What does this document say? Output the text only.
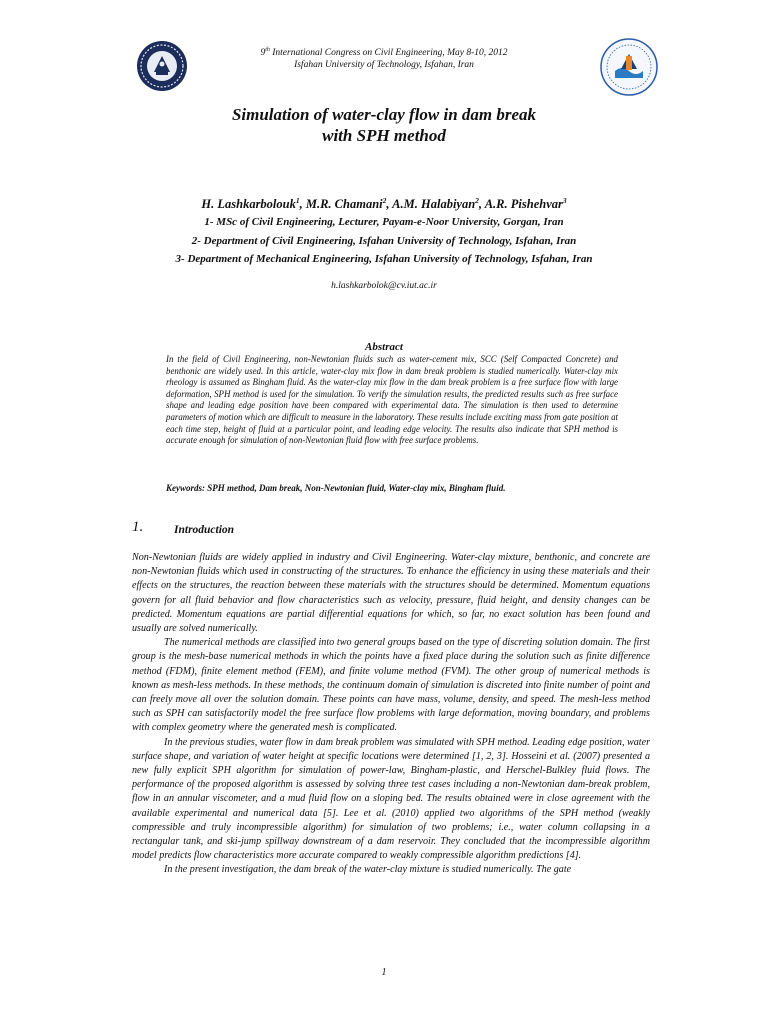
9th International Congress on Civil Engineering, May 8-10, 2012
Isfahan University of Technology, Isfahan, Iran
Simulation of water-clay flow in dam break
with SPH method
H. Lashkarbolouk$^1$, M.R. Chamani$^2$, A.M. Halabiyan$^2$, A.R. Pishehvar$^3$
1- MSc of Civil Engineering, Lecturer, Payam-e-Noor University, Gorgan, Iran
2- Department of Civil Engineering, Isfahan University of Technology, Isfahan, Iran
3- Department of Mechanical Engineering, Isfahan University of Technology, Isfahan, Iran
h.lashkarbolok@cv.iut.ac.ir
Abstract

In the field of Civil Engineering, non-Newtonian fluids such as water-cement mix, SCC (Self Compacted Concrete) and benthonic are widely used. In this article, water-clay mix flow in dam break problem is studied numerically. Water-clay mix rheology is assumed as Bingham fluid. As the water-clay mix flow in the dam break problem is a free surface flow with large deformation, SPH method is used for the simulation. To verify the simulation results, the predicted results such as free surface shape and leading edge position have been compared with experimental data. The simulation is then used to determine parameters of motion which are difficult to measure in the laboratory. These results include exciting mass from gate position at each time step, height of fluid at a particular point, and leading edge velocity. The results also indicate that SPH method is accurate enough for simulation of non-Newtonian fluid flow with free surface problems.

Keywords: SPH method, Dam break, Non-Newtonian fluid, Water-clay mix, Bingham fluid.
1.	Introduction

Non-Newtonian fluids are widely applied in industry and Civil Engineering. Water-clay mixture, benthonic, and concrete are non-Newtonian fluids which used in constructing of the structures. To enhance the efficiency in using these materials and their effects on the structures, the reaction between these materials with the structures should be determined. Momentum equations govern for all fluid behavior and flow characteristics such as velocity, pressure, fluid height, and density changes can be predicted. Momentum equations are partial differential equations for which, so far, no exact solution has been found and usually are solved numerically.

The numerical methods are classified into two general groups based on the type of discreting solution domain. The first group is the mesh-base numerical methods in which the points have a fixed place during the solution such as finite difference method (FDM), finite element method (FEM), and finite volume method (FVM). The other group of numerical methods is known as mesh-less methods. In these methods, the continuum domain of simulation is discreted into finite number of point and can freely move all over the solution domain. These points can have mass, volume, density, and speed. The mesh-less method such as SPH can satisfactorily model the free surface flow problems with large deformation, moving boundary, and problems with complex geometry where the generated mesh is complicated.

In the previous studies, water flow in dam break problem was simulated with SPH method. Leading edge position, water surface shape, and variation of water height at specific locations were determined [1, 2, 3]. Hosseini et al. (2007) presented a new fully explicit SPH algorithm for simulation of power-law, Bingham-plastic, and Herschel-Bulkley fluid flows. The performance of the proposed algorithm is assessed by solving three test cases including a non-Newtonian dam-break problem, flow in an annular viscometer, and a mud fluid flow on a sloping bed. The results obtained were in close agreement with the available experimental and numerical data [5]. Lee et al. (2010) applied two algorithms of the SPH method (weakly compressible and truly incompressible algorithm) for simulation of two problems; i.e., water column collapsing in a rectangular tank, and ski-jump spillway downstream of a dam reservoir. They concluded that the incompressible algorithm model predicts flow characteristics more accurate compared to weakly compressible algorithm predictions [4].

In the present investigation, the dam break of the water-clay mixture is studied numerically. The gate

1
